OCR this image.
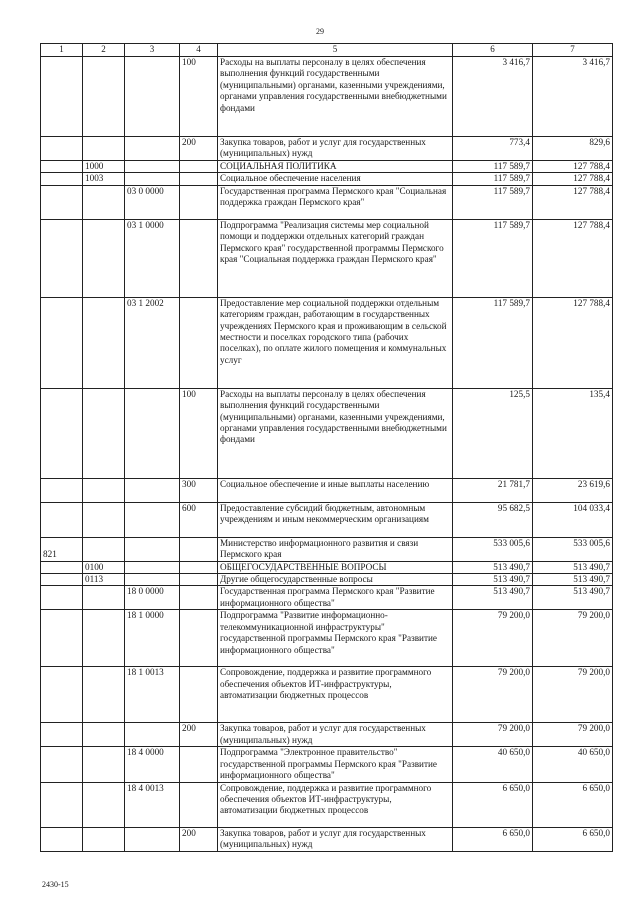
29
1	2	3	4	5	6	7
			100	Расходы на выплаты персоналу в целях обеспечения выполнения функций государственными (муниципальными) органами, казенными учреждениями, органами управления государственными внебюджетными фондами	3 416,7	3 416,7
			200	Закупка товаров, работ и услуг для государственных (муниципальных) нужд	773,4	829,6
	1000			СОЦИАЛЬНАЯ ПОЛИТИКА	117 589,7	127 788,4
	1003			Социальное обеспечение населения	117 589,7	127 788,4
		03 0 0000		Государственная программа Пермского края "Социальная поддержка граждан Пермского края"	117 589,7	127 788,4
		03 1 0000		Подпрограмма "Реализация системы мер социальной помощи и поддержки отдельных категорий граждан Пермского края" государственной программы Пермского края "Социальная поддержка граждан Пермского края"	117 589,7	127 788,4
		03 1 2002		Предоставление мер социальной поддержки отдельным категориям граждан, работающим в государственных учреждениях Пермского края и проживающим в сельской местности и поселках городского типа (рабочих поселках), по оплате жилого помещения и коммунальных услуг	117 589,7	127 788,4
			100	Расходы на выплаты персоналу в целях обеспечения выполнения функций государственными (муниципальными) органами, казенными учреждениями, органами управления государственными внебюджетными фондами	125,5	135,4
			300	Социальное обеспечение и иные выплаты населению	21 781,7	23 619,6
			600	Предоставление субсидий бюджетным, автономным учреждениям и иным некоммерческим организациям	95 682,5	104 033,4
821				Министерство информационного развития и связи Пермского края	533 005,6	533 005,6
	0100			ОБЩЕГОСУДАРСТВЕННЫЕ ВОПРОСЫ	513 490,7	513 490,7
	0113			Другие общегосударственные вопросы	513 490,7	513 490,7
		18 0 0000		Государственная программа Пермского края "Развитие информационного общества"	513 490,7	513 490,7
		18 1 0000		Подпрограмма "Развитие информационно-телекоммуникационной инфраструктуры" государственной программы Пермского края "Развитие информационного общества"	79 200,0	79 200,0
		18 1 0013		Сопровождение, поддержка и развитие программного обеспечения объектов ИТ-инфраструктуры, автоматизации бюджетных процессов	79 200,0	79 200,0
			200	Закупка товаров, работ и услуг для государственных (муниципальных) нужд	79 200,0	79 200,0
		18 4 0000		Подпрограмма "Электронное правительство" государственной программы Пермского края "Развитие информационного общества"	40 650,0	40 650,0
		18 4 0013		Сопровождение, поддержка и развитие программного обеспечения объектов ИТ-инфраструктуры, автоматизации бюджетных процессов	6 650,0	6 650,0
			200	Закупка товаров, работ и услуг для государственных (муниципальных) нужд	6 650,0	6 650,0
2430-15
